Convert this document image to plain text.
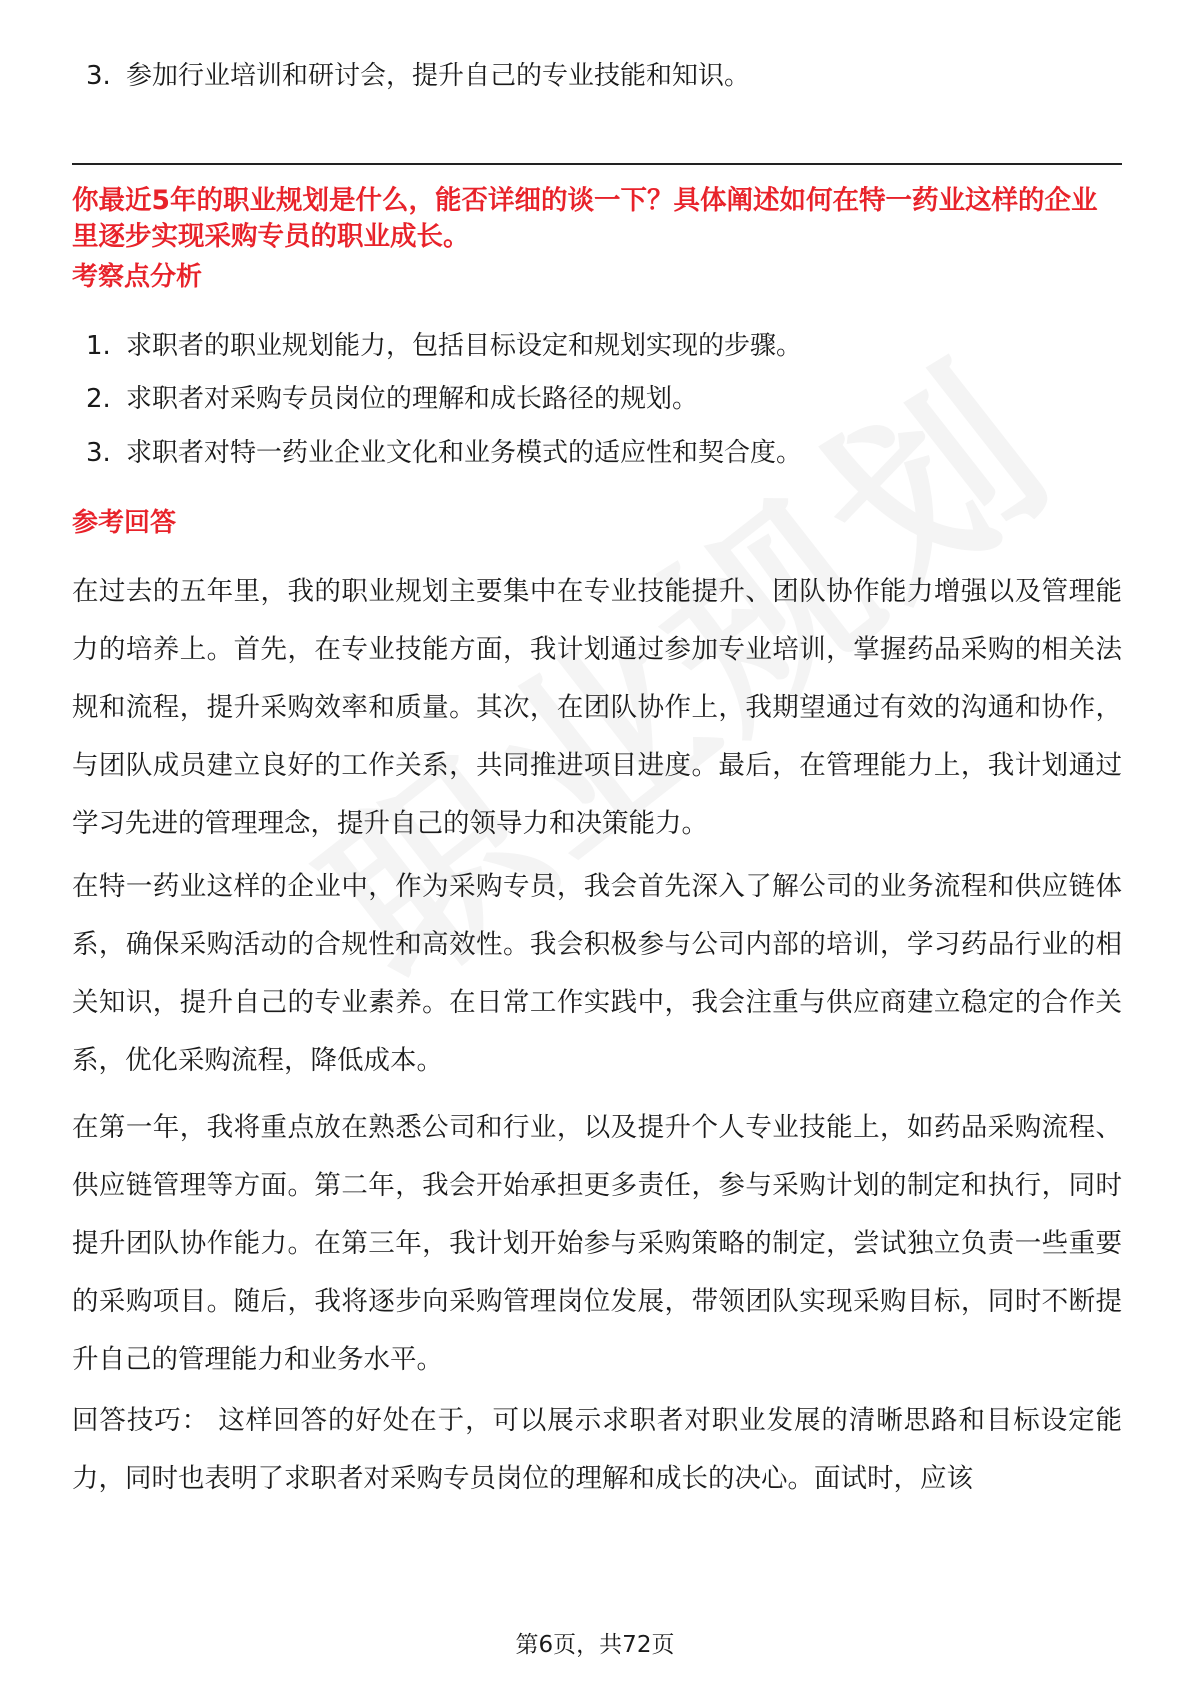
3. 参加行业培训和研讨会，提升自己的专业技能和知识。
你最近5年的职业规划是什么，能否详细的谈一下？具体阐述如何在特一药业这样的企业里逐步实现采购专员的职业成长。
考察点分析
1. 求职者的职业规划能力，包括目标设定和规划实现的步骤。
2. 求职者对采购专员岗位的理解和成长路径的规划。
3. 求职者对特一药业企业文化和业务模式的适应性和契合度。
参考回答
在过去的五年里，我的职业规划主要集中在专业技能提升、团队协作能力增强以及管理能力的培养上。首先，在专业技能方面，我计划通过参加专业培训，掌握药品采购的相关法规和流程，提升采购效率和质量。其次，在团队协作上，我期望通过有效的沟通和协作，与团队成员建立良好的工作关系，共同推进项目进度。最后，在管理能力上，我计划通过学习先进的管理理念，提升自己的领导力和决策能力。
在特一药业这样的企业中，作为采购专员，我会首先深入了解公司的业务流程和供应链体系，确保采购活动的合规性和高效性。我会积极参与公司内部的培训，学习药品行业的相关知识，提升自己的专业素养。在日常工作实践中，我会注重与供应商建立稳定的合作关系，优化采购流程，降低成本。
在第一年，我将重点放在熟悉公司和行业，以及提升个人专业技能上，如药品采购流程、供应链管理等方面。第二年，我会开始承担更多责任，参与采购计划的制定和执行，同时提升团队协作能力。在第三年，我计划开始参与采购策略的制定，尝试独立负责一些重要的采购项目。随后，我将逐步向采购管理岗位发展，带领团队实现采购目标，同时不断提升自己的管理能力和业务水平。
回答技巧： 这样回答的好处在于，可以展示求职者对职业发展的清晰思路和目标设定能力，同时也表明了求职者对采购专员岗位的理解和成长的决心。面试时，应该
第6页，共72页
